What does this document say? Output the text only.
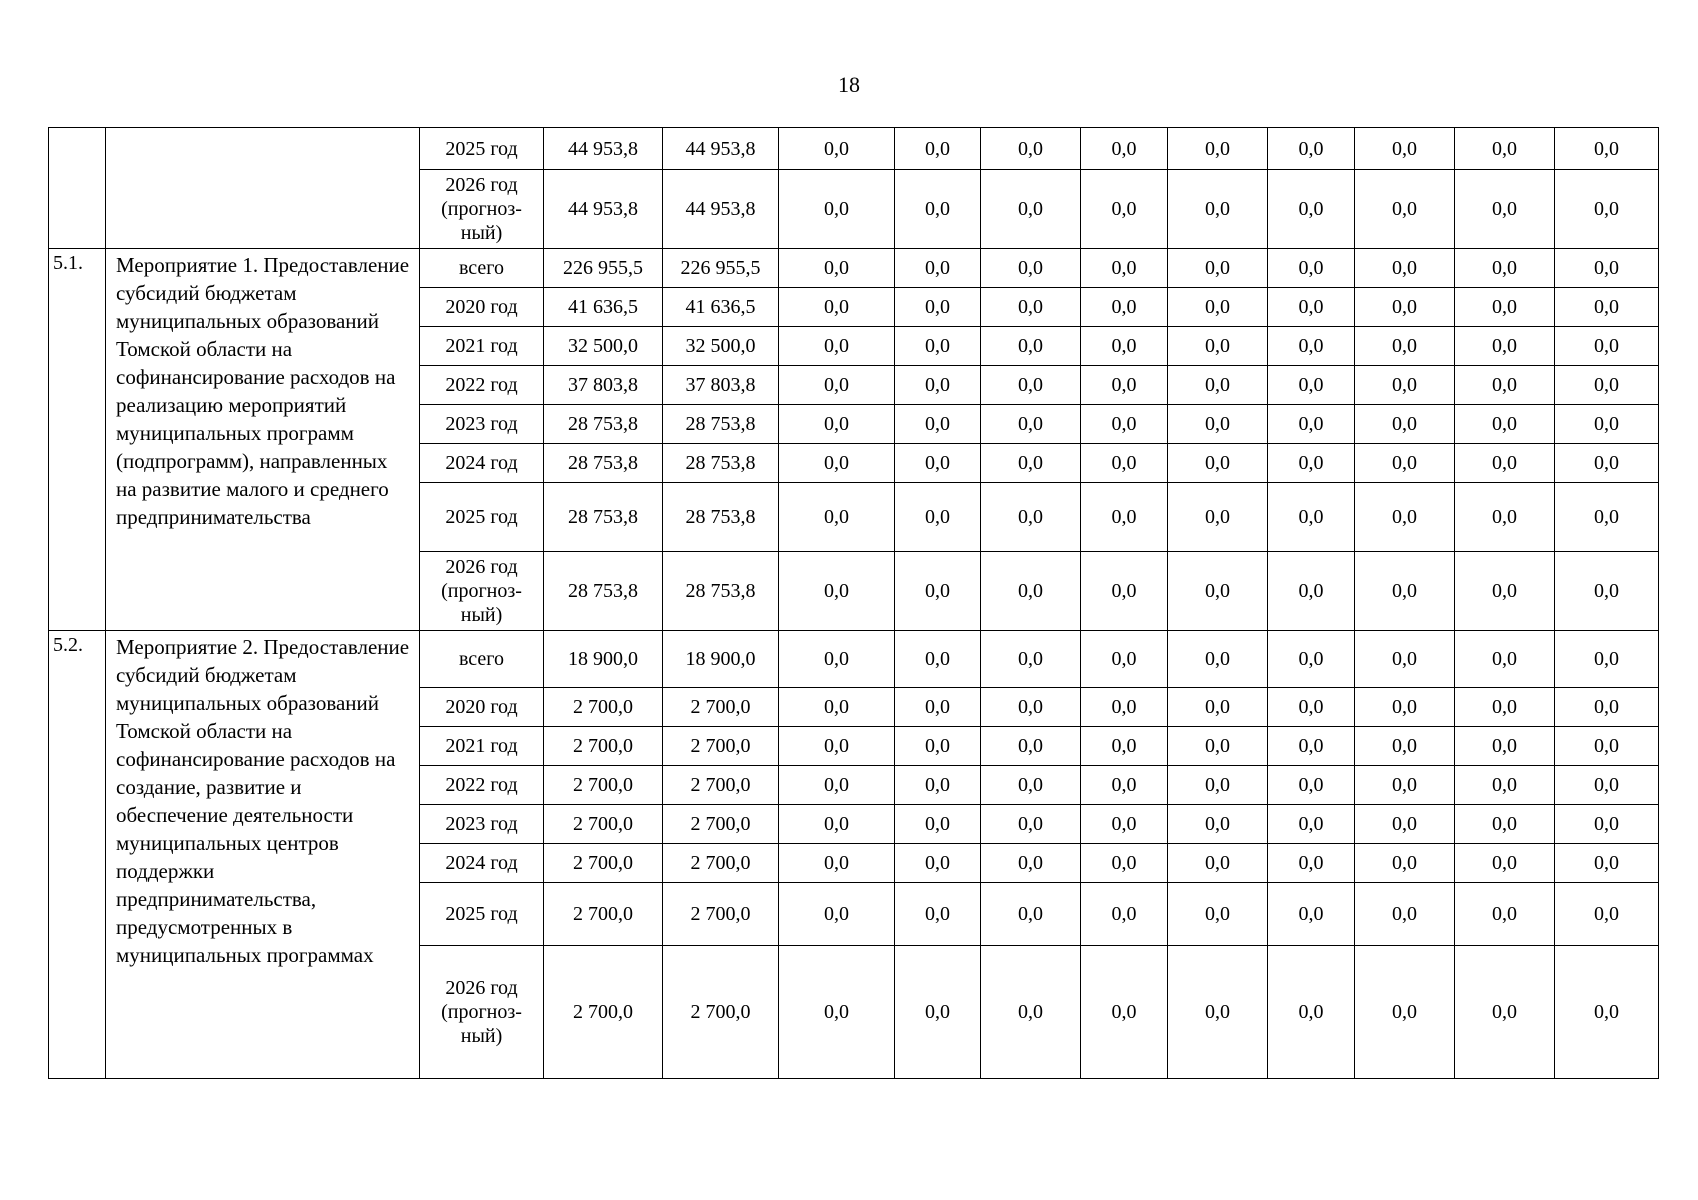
18
		2025 год	44 953,8	44 953,8	0,0	0,0	0,0	0,0	0,0	0,0	0,0	0,0	0,0
		2026 год (прогноз-ный)	44 953,8	44 953,8	0,0	0,0	0,0	0,0	0,0	0,0	0,0	0,0	0,0
5.1.	Мероприятие 1. Предоставление субсидий бюджетам муниципальных образований Томской области на софинансирование расходов на реализацию мероприятий муниципальных программ (подпрограмм), направленных на развитие малого и среднего предпринимательства	всего	226 955,5	226 955,5	0,0	0,0	0,0	0,0	0,0	0,0	0,0	0,0	0,0
		2020 год	41 636,5	41 636,5	0,0	0,0	0,0	0,0	0,0	0,0	0,0	0,0	0,0
		2021 год	32 500,0	32 500,0	0,0	0,0	0,0	0,0	0,0	0,0	0,0	0,0	0,0
		2022 год	37 803,8	37 803,8	0,0	0,0	0,0	0,0	0,0	0,0	0,0	0,0	0,0
		2023 год	28 753,8	28 753,8	0,0	0,0	0,0	0,0	0,0	0,0	0,0	0,0	0,0
		2024 год	28 753,8	28 753,8	0,0	0,0	0,0	0,0	0,0	0,0	0,0	0,0	0,0
		2025 год	28 753,8	28 753,8	0,0	0,0	0,0	0,0	0,0	0,0	0,0	0,0	0,0
		2026 год (прогноз-ный)	28 753,8	28 753,8	0,0	0,0	0,0	0,0	0,0	0,0	0,0	0,0	0,0
5.2.	Мероприятие 2. Предоставление субсидий бюджетам муниципальных образований Томской области на софинансирование расходов на создание, развитие и обеспечение деятельности муниципальных центров поддержки предпринимательства, предусмотренных в муниципальных программах	всего	18 900,0	18 900,0	0,0	0,0	0,0	0,0	0,0	0,0	0,0	0,0	0,0
		2020 год	2 700,0	2 700,0	0,0	0,0	0,0	0,0	0,0	0,0	0,0	0,0	0,0
		2021 год	2 700,0	2 700,0	0,0	0,0	0,0	0,0	0,0	0,0	0,0	0,0	0,0
		2022 год	2 700,0	2 700,0	0,0	0,0	0,0	0,0	0,0	0,0	0,0	0,0	0,0
		2023 год	2 700,0	2 700,0	0,0	0,0	0,0	0,0	0,0	0,0	0,0	0,0	0,0
		2024 год	2 700,0	2 700,0	0,0	0,0	0,0	0,0	0,0	0,0	0,0	0,0	0,0
		2025 год	2 700,0	2 700,0	0,0	0,0	0,0	0,0	0,0	0,0	0,0	0,0	0,0
		2026 год (прогноз-ный)	2 700,0	2 700,0	0,0	0,0	0,0	0,0	0,0	0,0	0,0	0,0	0,0
